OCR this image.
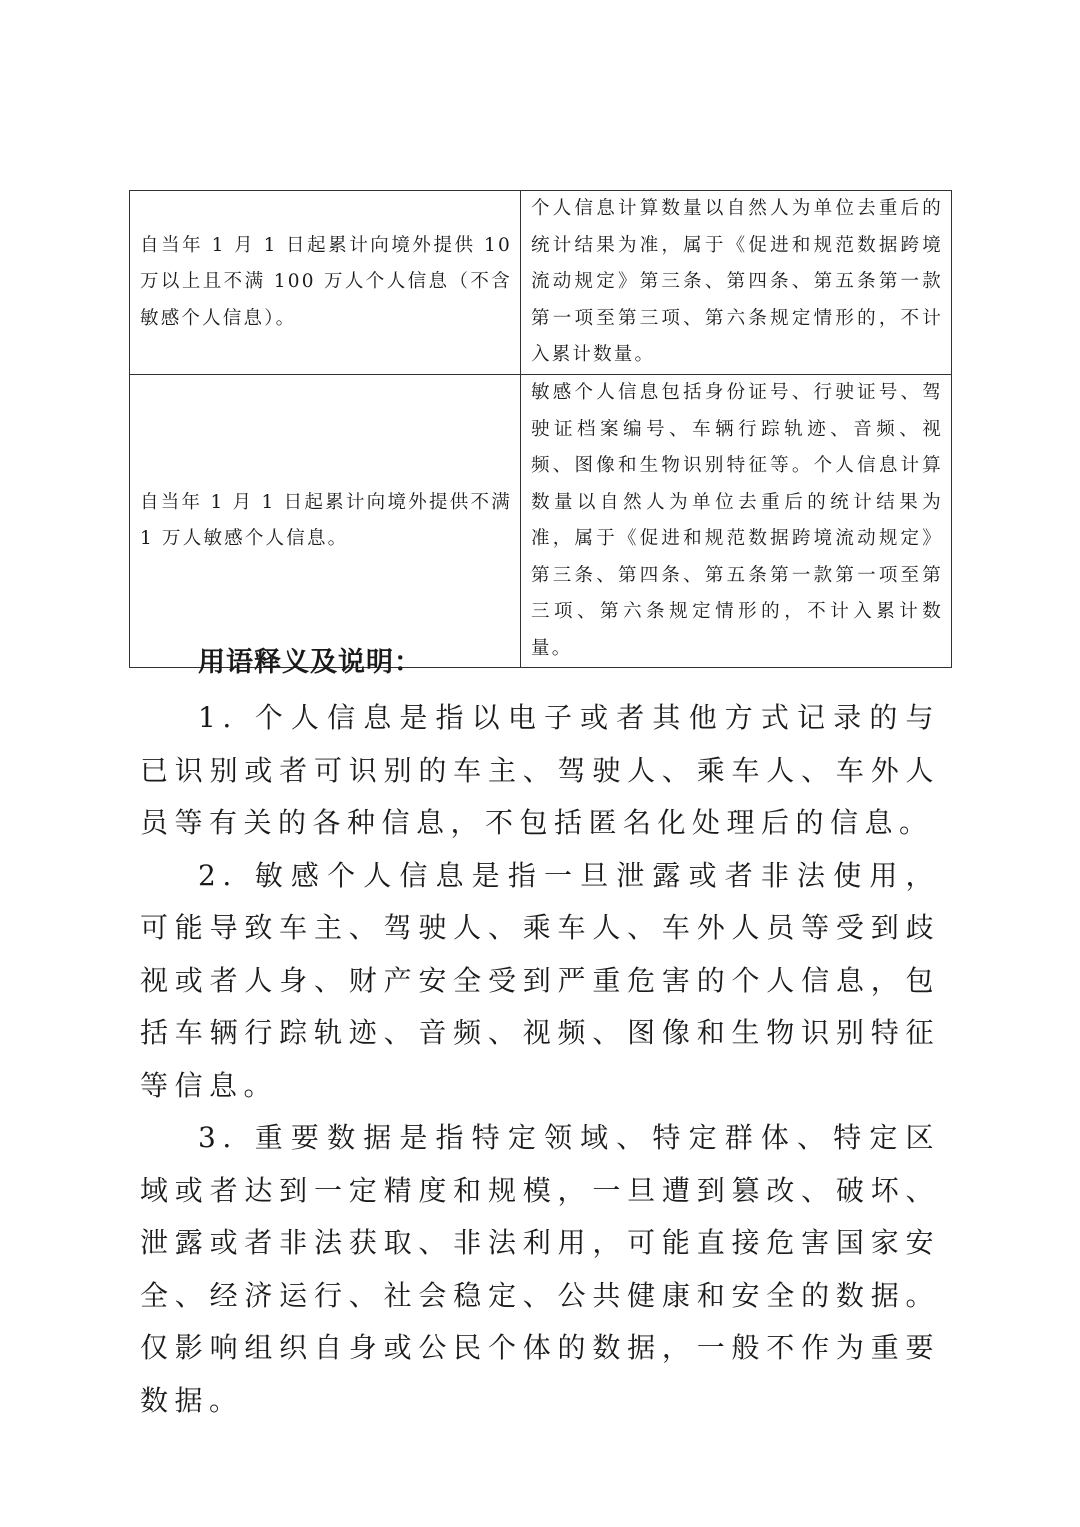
自当年 1 月 1 日起累计向境外提供 10 万以上且不满 100 万人个人信息（不含敏感个人信息）。	个人信息计算数量以自然人为单位去重后的统计结果为准，属于《促进和规范数据跨境流动规定》第三条、第四条、第五条第一款第一项至第三项、第六条规定情形的，不计入累计数量。
自当年 1 月 1 日起累计向境外提供不满 1 万人敏感个人信息。	敏感个人信息包括身份证号、行驶证号、驾驶证档案编号、车辆行踪轨迹、音频、视频、图像和生物识别特征等。个人信息计算数量以自然人为单位去重后的统计结果为准，属于《促进和规范数据跨境流动规定》第三条、第四条、第五条第一款第一项至第三项、第六条规定情形的，不计入累计数量。

用语释义及说明：

1. 个人信息是指以电子或者其他方式记录的与已识别或者可识别的车主、驾驶人、乘车人、车外人员等有关的各种信息，不包括匿名化处理后的信息。

2. 敏感个人信息是指一旦泄露或者非法使用，可能导致车主、驾驶人、乘车人、车外人员等受到歧视或者人身、财产安全受到严重危害的个人信息，包括车辆行踪轨迹、音频、视频、图像和生物识别特征等信息。

3. 重要数据是指特定领域、特定群体、特定区域或者达到一定精度和规模，一旦遭到篡改、破坏、泄露或者非法获取、非法利用，可能直接危害国家安全、经济运行、社会稳定、公共健康和安全的数据。仅影响组织自身或公民个体的数据，一般不作为重要数据。
